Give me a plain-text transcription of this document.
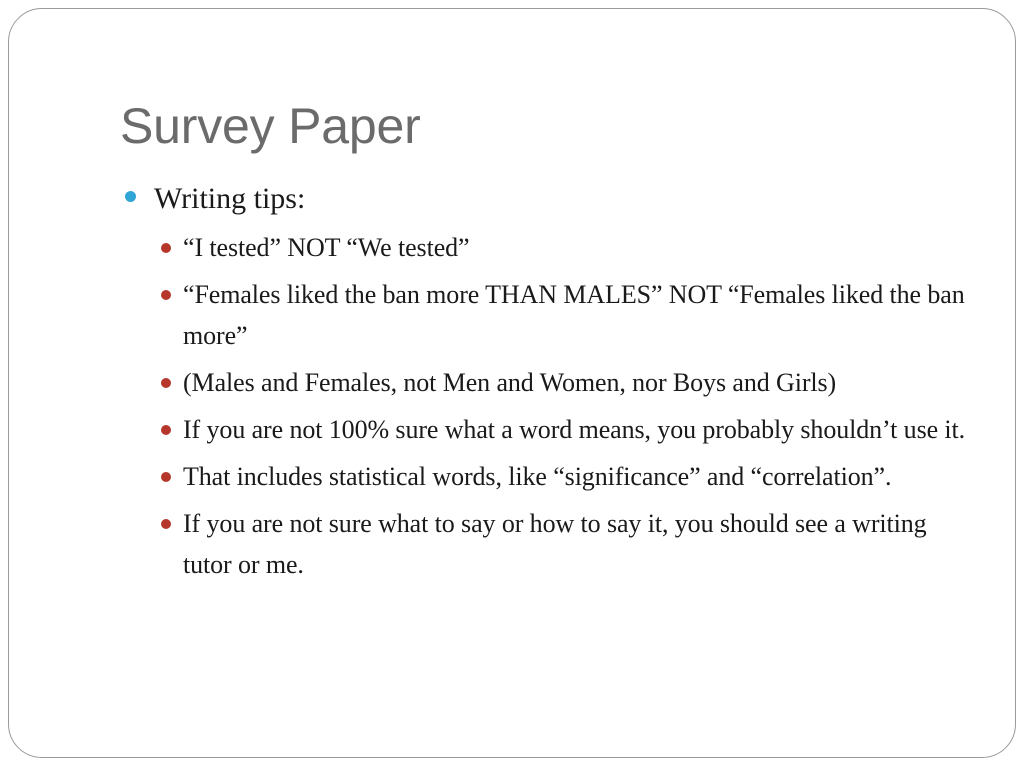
Survey Paper
Writing tips:
“I tested” NOT “We tested”
“Females liked the ban more THAN MALES” NOT “Females liked the ban more”
(Males and Females, not Men and Women, nor Boys and Girls)
If you are not 100% sure what a word means, you probably shouldn’t use it.
That includes statistical words, like “significance” and “correlation”.
If you are not sure what to say or how to say it, you should see a writing tutor or me.
